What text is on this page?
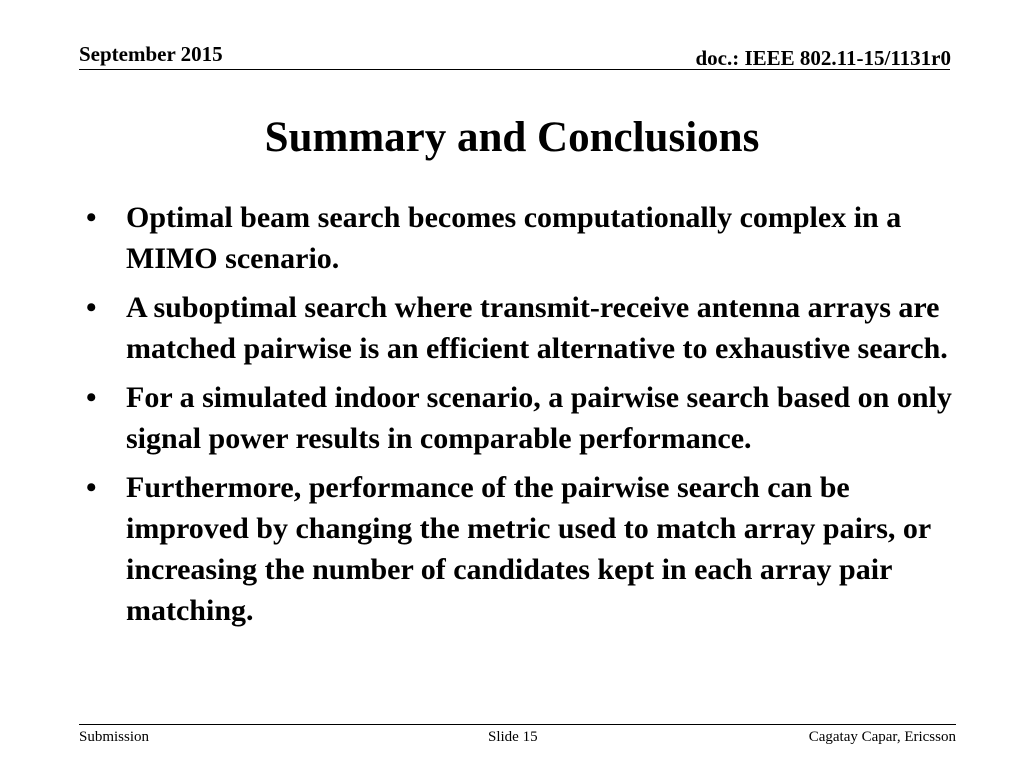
September 2015	doc.: IEEE 802.11-15/1131r0
Summary and Conclusions
• Optimal beam search becomes computationally complex in a MIMO scenario.
• A suboptimal search where transmit-receive antenna arrays are matched pairwise is an efficient alternative to exhaustive search.
• For a simulated indoor scenario, a pairwise search based on only signal power results in comparable performance.
• Furthermore, performance of the pairwise search can be improved by changing the metric used to match array pairs, or increasing the number of candidates kept in each array pair matching.
Submission	Slide 15	Cagatay Capar, Ericsson
